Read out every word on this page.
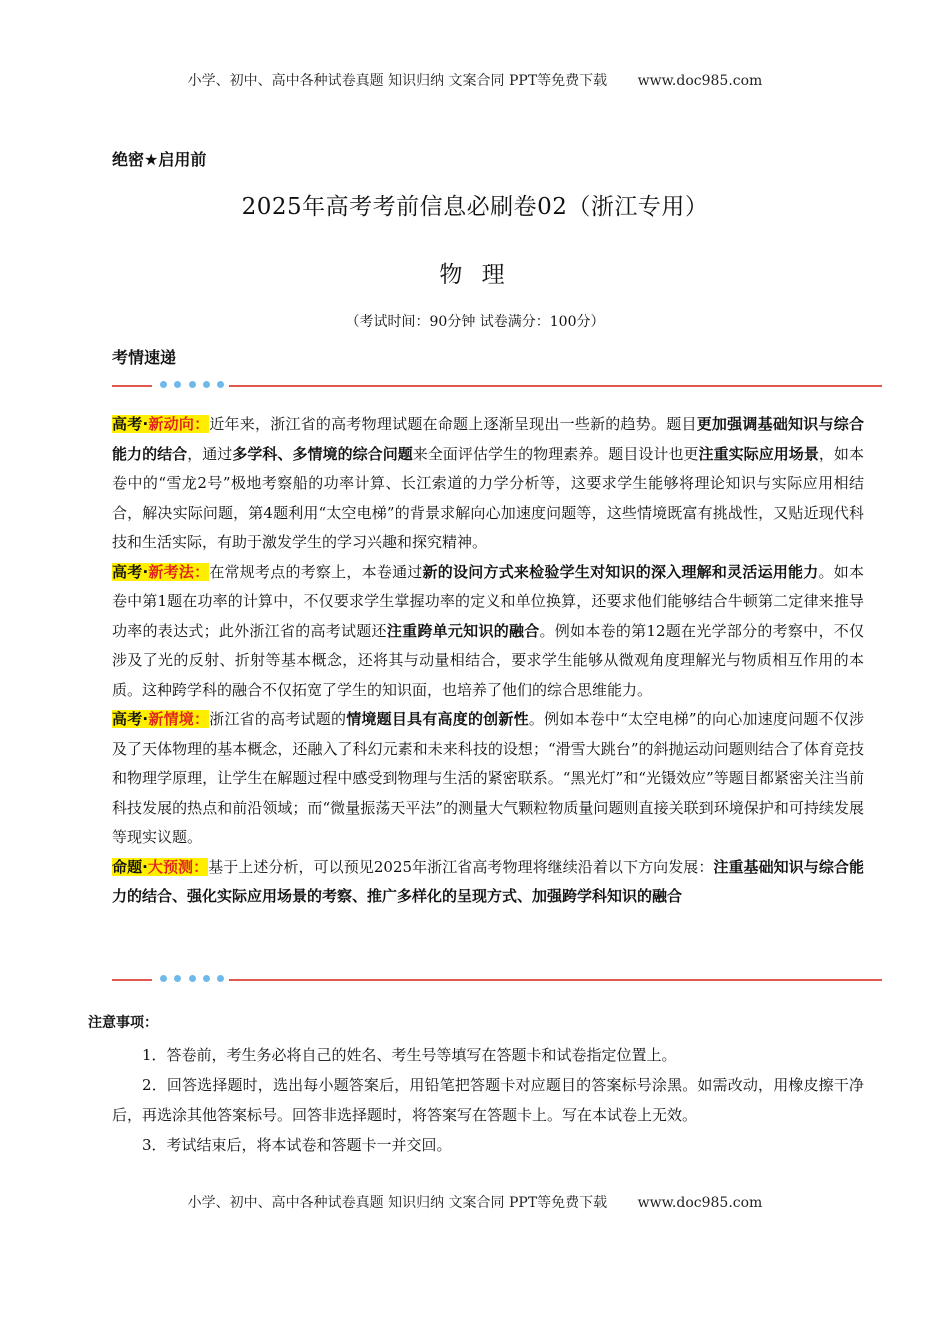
小学、初中、高中各种试卷真题 知识归纳 文案合同 PPT等免费下载 www.doc985.com
绝密★启用前
2025年高考考前信息必刷卷02（浙江专用）
物 理
（考试时间：90分钟 试卷满分：100分）
考情速递

高考·新动向：近年来，浙江省的高考物理试题在命题上逐渐呈现出一些新的趋势。题目更加强调基础知识与综合能力的结合，通过多学科、多情境的综合问题来全面评估学生的物理素养。题目设计也更注重实际应用场景，如本卷中的“雪龙2号”极地考察船的功率计算、长江索道的力学分析等，这要求学生能够将理论知识与实际应用相结合，解决实际问题，第4题利用“太空电梯”的背景求解向心加速度问题等，这些情境既富有挑战性，又贴近现代科技和生活实际，有助于激发学生的学习兴趣和探究精神。

高考·新考法：在常规考点的考察上，本卷通过新的设问方式来检验学生对知识的深入理解和灵活运用能力。如本卷中第1题在功率的计算中，不仅要求学生掌握功率的定义和单位换算，还要求他们能够结合牛顿第二定律来推导功率的表达式；此外浙江省的高考试题还注重跨单元知识的融合。例如本卷的第12题在光学部分的考察中，不仅涉及了光的反射、折射等基本概念，还将其与动量相结合，要求学生能够从微观角度理解光与物质相互作用的本质。这种跨学科的融合不仅拓宽了学生的知识面，也培养了他们的综合思维能力。

高考·新情境：浙江省的高考试题的情境题目具有高度的创新性。例如本卷中“太空电梯”的向心加速度问题不仅涉及了天体物理的基本概念，还融入了科幻元素和未来科技的设想；“滑雪大跳台”的斜抛运动问题则结合了体育竞技和物理学原理，让学生在解题过程中感受到物理与生活的紧密联系。“黑光灯”和“光镊效应”等题目都紧密关注当前科技发展的热点和前沿领域；而“微量振荡天平法”的测量大气颗粒物质量问题则直接关联到环境保护和可持续发展等现实议题。

命题·大预测：基于上述分析，可以预见2025年浙江省高考物理将继续沿着以下方向发展：注重基础知识与综合能力的结合、强化实际应用场景的考察、推广多样化的呈现方式、加强跨学科知识的融合

注意事项：

1．答卷前，考生务必将自己的姓名、考生号等填写在答题卡和试卷指定位置上。

2．回答选择题时，选出每小题答案后，用铅笔把答题卡对应题目的答案标号涂黑。如需改动，用橡皮擦干净后，再选涂其他答案标号。回答非选择题时，将答案写在答题卡上。写在本试卷上无效。

3．考试结束后，将本试卷和答题卡一并交回。

小学、初中、高中各种试卷真题 知识归纳 文案合同 PPT等免费下载 www.doc985.com
